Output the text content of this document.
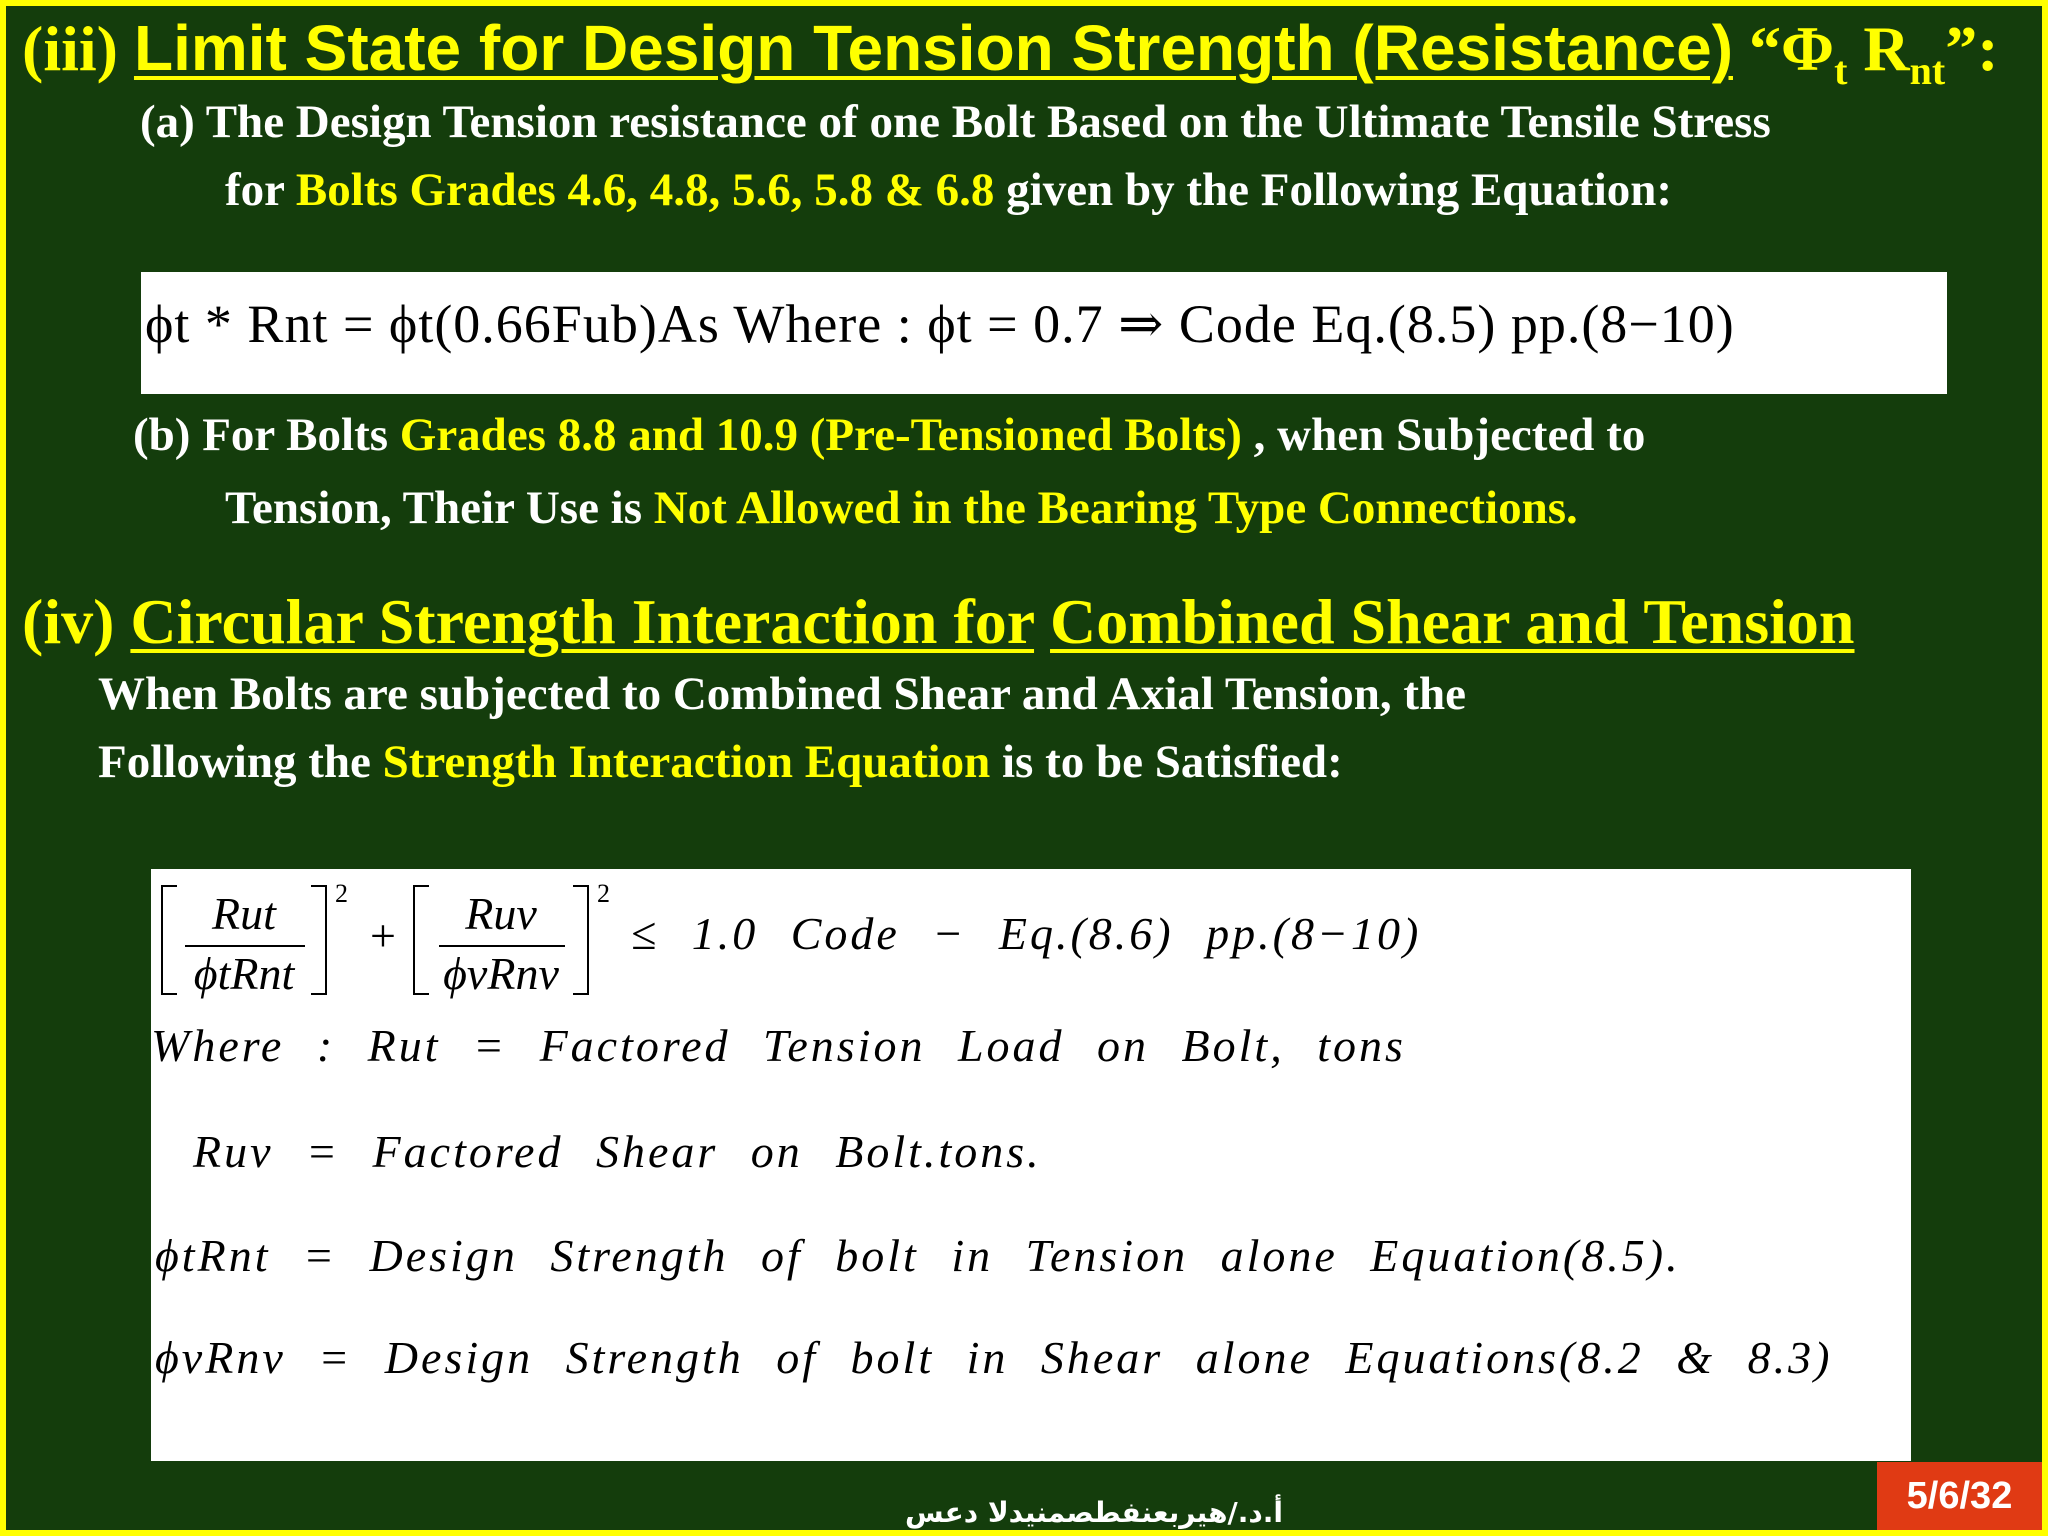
(iii) Limit State for Design Tension Strength (Resistance) “$\Phi_t$ $R_{nt}$”:
(a) The Design Tension resistance of one Bolt Based on the Ultimate Tensile Stress
for Bolts Grades 4.6, 4.8, 5.6, 5.8 & 6.8 given by the Following Equation:
ϕt * Rnt = ϕt(0.66Fub)As Where : ϕt = 0.7 ⇒ Code Eq.(8.5) pp.(8−10)
(b) For Bolts Grades 8.8 and 10.9 (Pre-Tensioned Bolts) , when Subjected to
Tension, Their Use is Not Allowed in the Bearing Type Connections.
(iv) Circular Strength Interaction for Combined Shear and Tension
When Bolts are subjected to Combined Shear and Axial Tension, the
Following the Strength Interaction Equation is to be Satisfied:
2
Rut
ϕtRnt
+
2
Ruv
ϕvRnv
≤ 1.0 Code − Eq.(8.6) pp.(8−10)
Where : Rut = Factored Tension Load on Bolt, tons
Ruv = Factored Shear on Bolt.tons.
ϕtRnt = Design Strength of bolt in Tension alone Equation(8.5).
ϕvRnv = Design Strength of bolt in Shear alone Equations(8.2 & 8.3)
أ.د./هيربعنفطصمنيدلا دعس	5/6/32
